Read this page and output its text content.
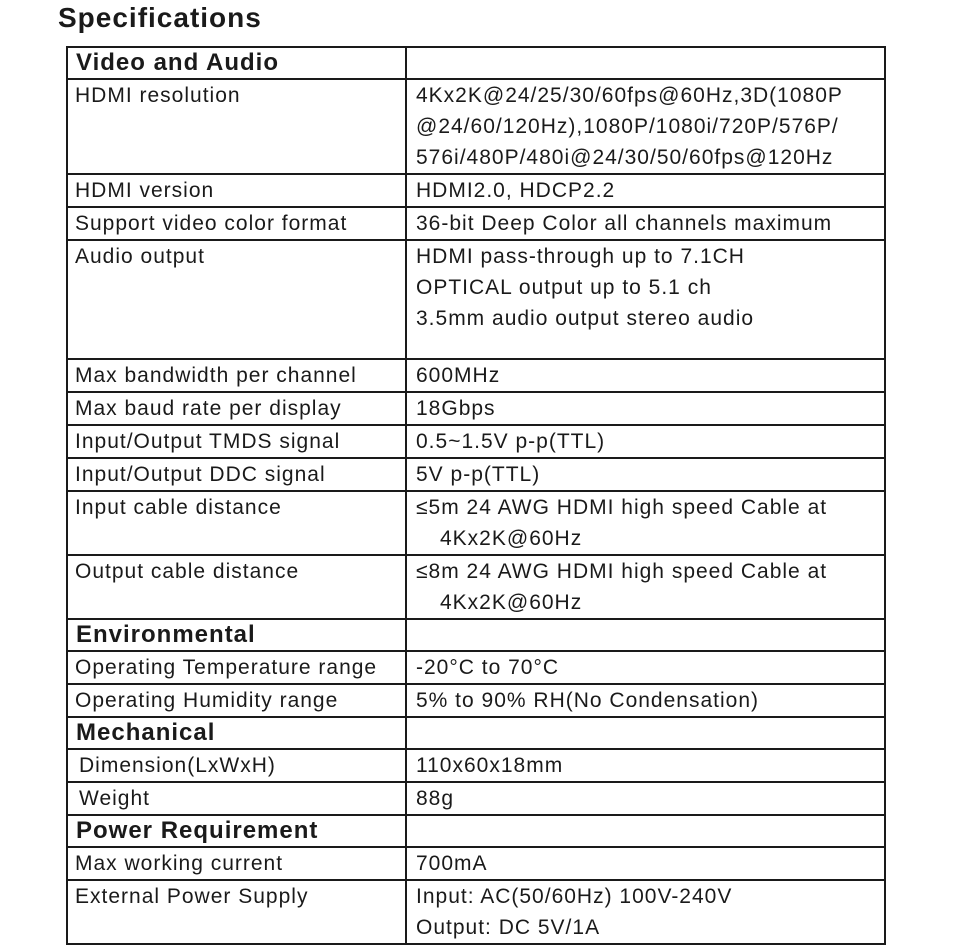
Specifications
Video and Audio	
HDMI resolution	4Kx2K@24/25/30/60fps@60Hz,3D(1080P
@24/60/120Hz),1080P/1080i/720P/576P/
576i/480P/480i@24/30/50/60fps@120Hz

HDMI version	HDMI2.0, HDCP2.2

Support video color format	36-bit Deep Color all channels maximum

Audio output	HDMI pass-through up to 7.1CH
OPTICAL output up to 5.1 ch
3.5mm audio output stereo audio

Max bandwidth per channel	600MHz

Max baud rate per display	18Gbps

Input/Output TMDS signal	0.5~1.5V p-p(TTL)

Input/Output DDC signal	5V p-p(TTL)

Input cable distance	≤5m 24 AWG HDMI high speed Cable at
4Kx2K@60Hz

Output cable distance	≤8m 24 AWG HDMI high speed Cable at
4Kx2K@60Hz

Environmental	
Operating Temperature range	-20°C to 70°C

Operating Humidity range	5% to 90% RH(No Condensation)

Mechanical	
Dimension(LxWxH)	110x60x18mm

Weight	88g

Power Requirement	
Max working current	700mA

External Power Supply	Input: AC(50/60Hz) 100V-240V
Output: DC 5V/1A
